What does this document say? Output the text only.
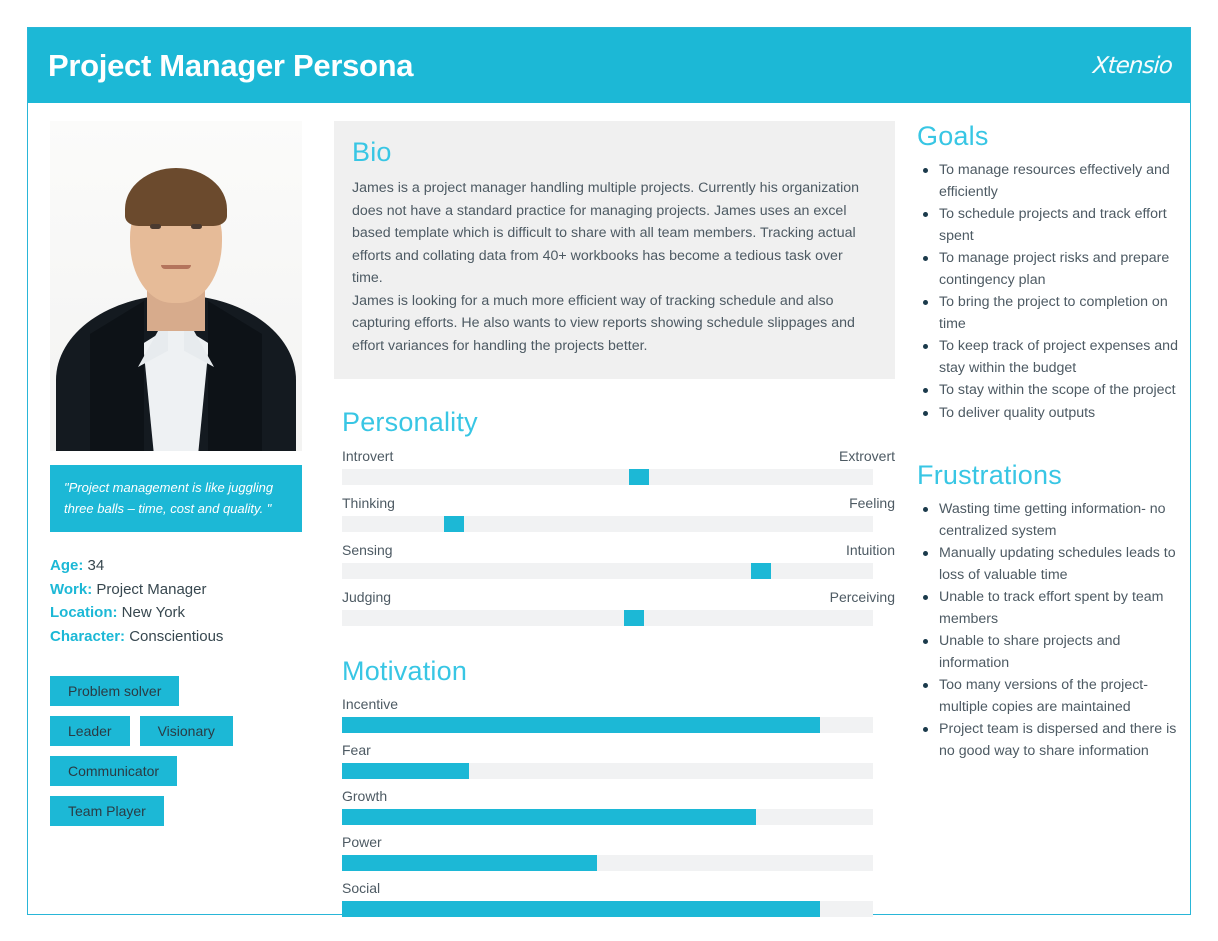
Project Manager Persona	Xtensio
"Project management is like juggling three balls – time, cost and quality. "
Age: 34
Work: Project Manager
Location: New York
Character: Conscientious
Problem solver
Leader	Visionary
Communicator
Team Player
Bio

James is a project manager handling multiple projects. Currently his organization does not have a standard practice for managing projects. James uses an excel based template which is difficult to share with all team members. Tracking actual efforts and collating data from 40+ workbooks has become a tedious task over time.

James is looking for a much more efficient way of tracking schedule and also capturing efforts. He also wants to view reports showing schedule slippages and effort variances for handling the projects better.

Personality
Introvert	Extrovert
Thinking	Feeling
Sensing	Intuition
Judging	Perceiving
Motivation
Incentive
Fear
Growth
Power
Social
Goals
To manage resources effectively and efficiently
To schedule projects and track effort spent
To manage project risks and prepare contingency plan
To bring the project to completion on time
To keep track of project expenses and stay within the budget
To stay within the scope of the project
To deliver quality outputs
Frustrations
Wasting time getting information- no centralized system
Manually updating schedules leads to loss of valuable time
Unable to track effort spent by team members
Unable to share projects and information
Too many versions of the project-multiple copies are maintained
Project team is dispersed and there is no good way to share information
